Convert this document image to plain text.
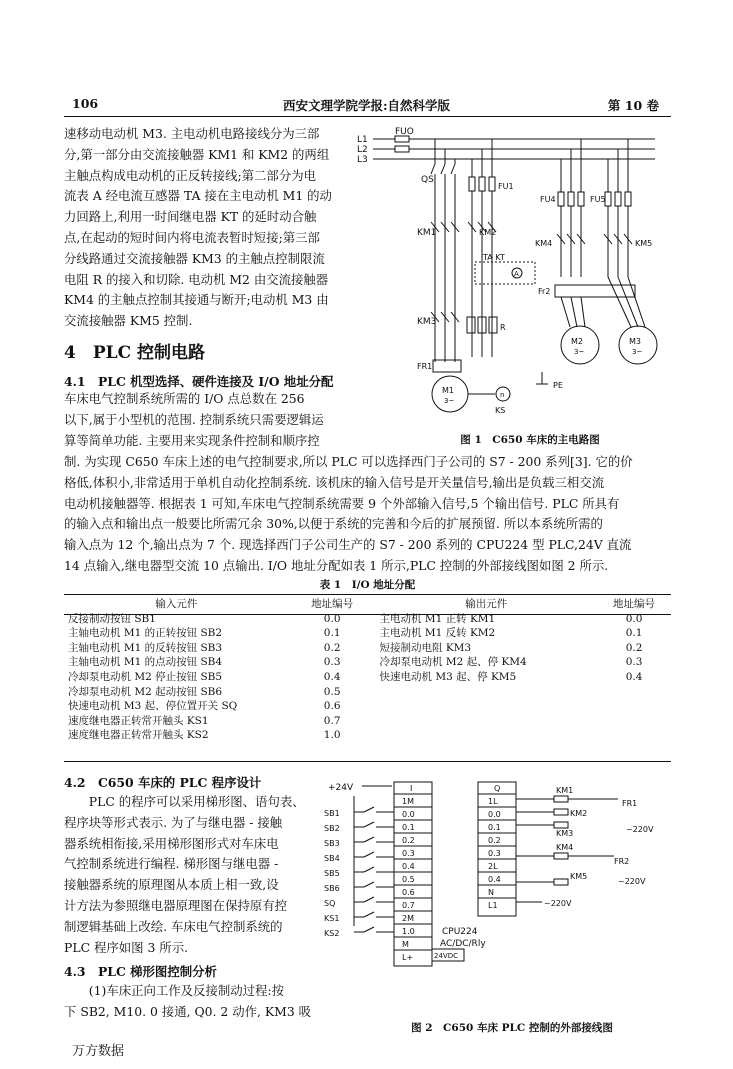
106	西安文理学院学报:自然科学版	第 10 卷

速移动电动机 M3. 主电动机电路接线分为三部

分,第一部分由交流接触器 KM1 和 KM2 的两组

主触点构成电动机的正反转接线;第二部分为电

流表 A 经电流互感器 TA 接在主电动机 M1 的动

力回路上,利用一时间继电器 KT 的延时动合触

点,在起动的短时间内将电流表暂时短接;第三部

分线路通过交流接触器 KM3 的主触点控制限流

电阻 R 的接入和切除. 电动机 M2 由交流接触器

KM4 的主触点控制其接通与断开;电动机 M3 由

交流接触器 KM5 控制.

4　PLC 控制电路
4.1　PLC 机型选择、硬件连接及 I/O 地址分配

车床电气控制系统所需的 I/O 点总数在 256

以下,属于小型机的范围. 控制系统只需要逻辑运

算等简单功能. 主要用来实现条件控制和顺序控	图 1　C650 车床的主电路图

制. 为实现 C650 车床上述的电气控制要求,所以 PLC 可以选择西门子公司的 S7 - 200 系列[3]. 它的价

格低,体积小,非常适用于单机自动化控制系统. 该机床的输入信号是开关量信号,输出是负载三相交流

电动机接触器等. 根据表 1 可知,车床电气控制系统需要 9 个外部输入信号,5 个输出信号. PLC 所具有

的输入点和输出点一般要比所需冗余 30%,以便于系统的完善和今后的扩展预留. 所以本系统所需的

输入点为 12 个,输出点为 7 个. 现选择西门子公司生产的 S7 - 200 系列的 CPU224 型 PLC,24V 直流

14 点输入,继电器型交流 10 点输出. I/O 地址分配如表 1 所示,PLC 控制的外部接线图如图 2 所示.

L1
L2
L3
FUO
QS
FU1
FU4	FU5
KM1	KM2
KM4	KM5
TA KT
A
Fr2
KM3
R
M2
3~
M3
3~
FR1
M1
3~
n
KS
PE
表 1　I/O 地址分配
输入元件	地址编号	输出元件	地址编号
反接制动按钮 SB1	0.0	主电动机 M1 正转 KM1	0.0
主轴电动机 M1 的正转按钮 SB2	0.1	主电动机 M1 反转 KM2	0.1
主轴电动机 M1 的反转按钮 SB3	0.2	短接制动电阻 KM3	0.2
主轴电动机 M1 的点动按钮 SB4	0.3	冷却泵电动机 M2 起、停 KM4	0.3
冷却泵电动机 M2 停止按钮 SB5	0.4	快速电动机 M3 起、停 KM5	0.4
冷却泵电动机 M2 起动按钮 SB6	0.5		
快速电动机 M3 起、停位置开关 SQ	0.6		
速度继电器正转常开触头 KS1	0.7		
速度继电器正转常开触头 KS2	1.0		
4.2　C650 车床的 PLC 程序设计

　　PLC 的程序可以采用梯形图、语句表、

程序块等形式表示. 为了与继电器 - 接触

器系统相衔接,采用梯形图形式对车床电

气控制系统进行编程. 梯形图与继电器 -

接触器系统的原理图从本质上相一致,设

计方法为参照继电器原理图在保持原有控

制逻辑基础上改绘. 车床电气控制系统的

PLC 程序如图 3 所示.

4.3　PLC 梯形图控制分析

　　(1)车床正向工作及反接制动过程:按

下 SB2, M10. 0 接通, Q0. 2 动作, KM3 吸

+24V	I
1M
0.0
0.1
0.2
0.3
0.4
0.5
0.6
0.7
2M
1.0
M
L+
Q
1L
0.0
0.1
0.2
0.3
2L
0.4
N
L1
CPU224
AC/DC/Rly
24VDC
SB1
SB2
SB3
SB4
SB5
SB6
SQ
KS1
KS2
KM1
FR1
KM2
KM3	~220V
KM4
FR2
KM5
~220V
~220V
图 2　C650 车床 PLC 控制的外部接线图
万方数据
